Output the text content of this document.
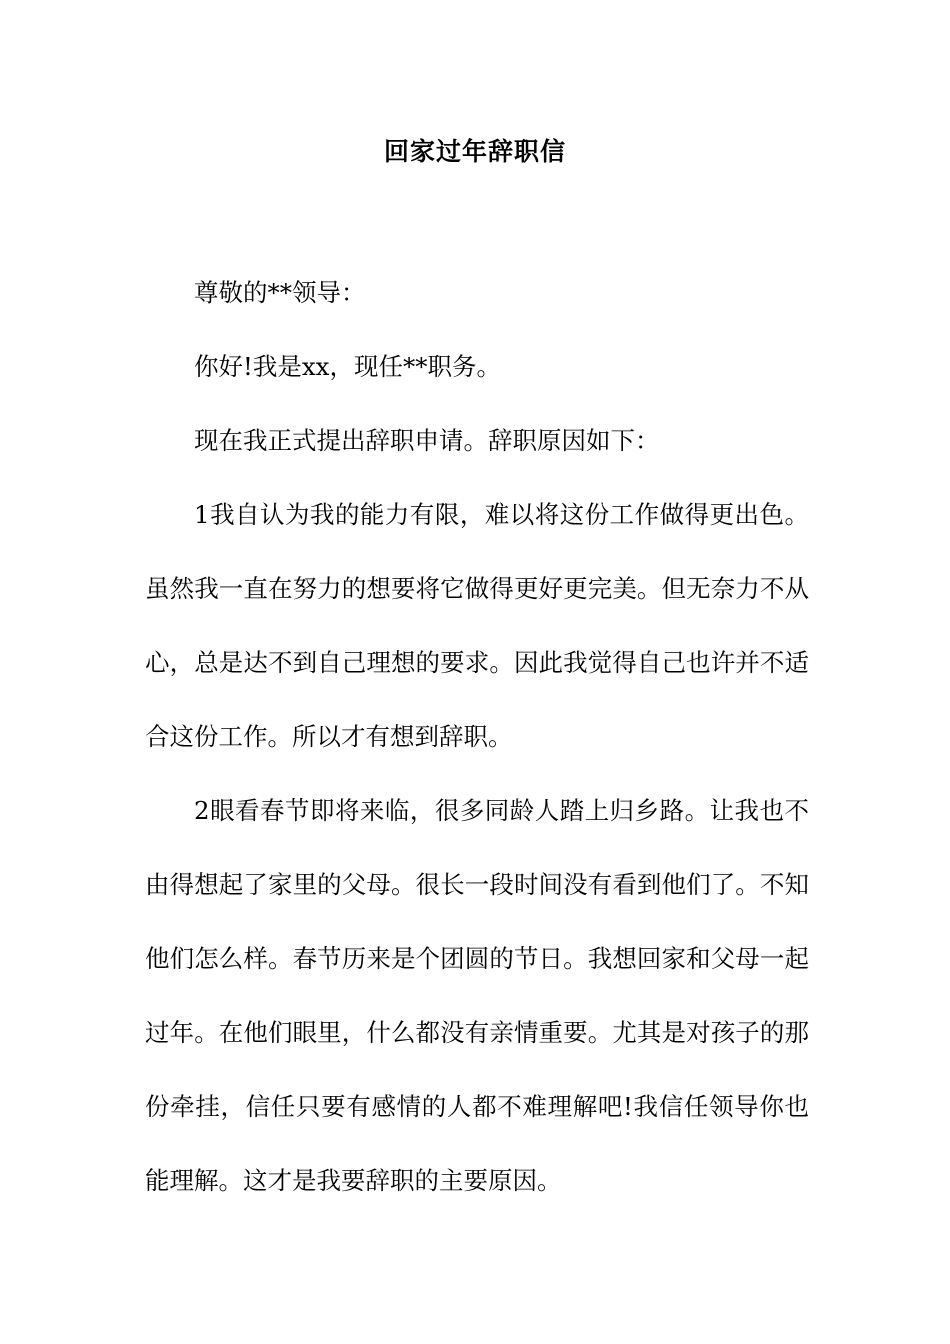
回家过年辞职信

尊敬的**领导：

你好!我是xx，现任**职务。

现在我正式提出辞职申请。辞职原因如下：

1我自认为我的能力有限，难以将这份工作做得更出色。虽然我一直在努力的想要将它做得更好更完美。但无奈力不从心，总是达不到自己理想的要求。因此我觉得自己也许并不适合这份工作。所以才有想到辞职。

2眼看春节即将来临，很多同龄人踏上归乡路。让我也不由得想起了家里的父母。很长一段时间没有看到他们了。不知他们怎么样。春节历来是个团圆的节日。我想回家和父母一起过年。在他们眼里，什么都没有亲情重要。尤其是对孩子的那份牵挂，信任只要有感情的人都不难理解吧!我信任领导你也能理解。这才是我要辞职的主要原因。
